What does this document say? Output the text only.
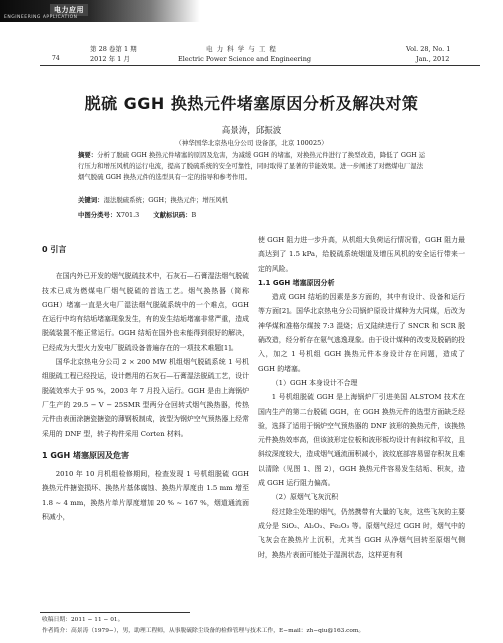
电力应用
ENGINEERING APPLICATION
74
第 28 卷第 1 期
2012 年 1 月
电 力 科 学 与 工 程
Electric Power Science and Engineering
Vol. 28, No. 1
Jan., 2012
脱硫 GGH 换热元件堵塞原因分析及解决对策
高景涛，邱振波
（神华国华北京热电分公司 设备部，北京 100025）
摘要：分析了脱硫 GGH 换热元件堵塞的原因及危害，为减缓 GGH 的堵塞，对换热元件进行了换型改造，降低了 GGH 运行压力和增压风机的运行电流，提高了脱硫系统的安全可靠性，同时取得了显著的节能效果。进一步阐述了对燃煤电厂湿法烟气脱硫 GGH 换热元件的选型具有一定的指导和参考作用。
关键词：湿法脱硫系统；GGH；换热元件；增压风机
中图分类号：X701.3 文献标识码：B

0 引言

在国内外已开发的烟气脱硫技术中，石灰石—石膏湿法烟气脱硫技术已成为燃煤电厂烟气脱硫的首选工艺。烟气换热器（简称 GGH）堵塞一直是火电厂湿法烟气脱硫系统中的一个难点，GGH 在运行中均有结垢堵塞现象发生，有的发生结垢堵塞非常严重，造成脱硫装置不能正常运行。GGH 结垢在国外也未能得到很好的解决，已经成为大型火力发电厂脱硫设备普遍存在的一项技术难题[1]。

国华北京热电分公司 2 × 200 MW 机组烟气脱硫系统 1 号机组脱硫工程已经投运，设计燃用的石灰石—石膏湿法脱硫工艺，设计脱硫效率大于 95 %，2003 年 7 月投入运行。GGH 是由上海锅炉厂生产的 29.5 − V − 25SMR 型两分仓回转式烟气换热器，传热元件由表面涂搪瓷搪瓷的薄钢板制成，波型为钢炉空气预热器上经常采用的 DNF 型，转子构件采用 Corten 材料。

1 GGH 堵塞原因及危害

2010 年 10 月机组检修期间，检查发现 1 号机组脱硫 GGH 换热元件搪瓷损坏、换热片基体腐蚀、换热片厚度由 1.5 mm 增至 1.8 ~ 4 mm，换热片单片厚度增加 20 % ~ 167 %，烟道通流面积减小，

使 GGH 阻力进一步升高，从机组大负荷运行情况看，GGH 阻力最高达到了 1.5 kPa，给脱硫系统烟道及增压风机的安全运行带来一定的风险。

1.1 GGH 堵塞原因分析

造成 GGH 结垢的因素是多方面的，其中有设计、设备和运行等方面[2]。国华北京热电分公司锅炉原设计煤种为大同煤，后改为神华煤和准格尔煤按 7:3 混烧；后又陆续进行了 SNCR 和 SCR 脱硝改造，经分析存在氨气逃逸现象。由于设计煤种的改变及脱硝的投入，加之 1 号机组 GGH 换热元件本身设计存在问题，造成了 GGH 的堵塞。

（1）GGH 本身设计不合理

1 号机组脱硫 GGH 是上海锅炉厂引进美国 ALSTOM 技术在国内生产的第二台脱硫 GGH，在 GGH 换热元件的选型方面缺乏经验，选择了适用于锅炉空气预热器的 DNF 波形的换热元件，该换热元件换热效率高，但该波形定位板和波形板均设计有斜纹和平纹，且斜纹深度较大，造成烟气通流面积减小，波纹底部容易留存积灰且难以清除（见图 1、图 2），GGH 换热元件容易发生结垢、积灰，造成 GGH 运行阻力偏高。

（2）原烟气飞灰沉积

经过除尘处理的烟气，仍然携带有大量的飞灰，这些飞灰的主要成分是 SiO₂、Al₂O₃、Fe₂O₃ 等。原烟气经过 GGH 时，烟气中的飞灰会在换热片上沉积，尤其当 GGH 从净烟气回转至原烟气侧时，换热片表面可能处于湿润状态，这样更有利

收稿日期：2011 − 11 − 01。
作者简介：高景涛（1979−），男，助理工程师，从事脱硫除尘设备的检修管理与技术工作，E−mail：zh−qiu@163.com。
